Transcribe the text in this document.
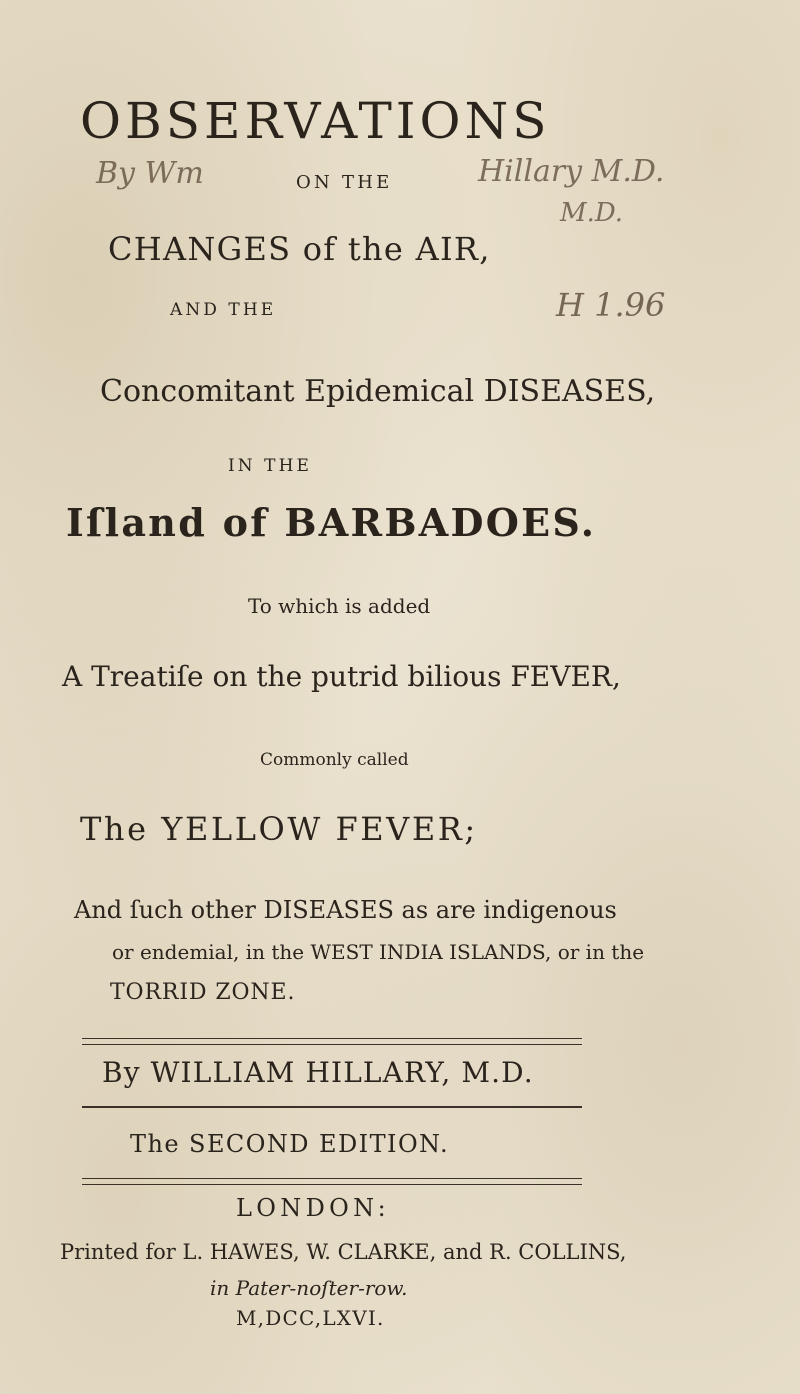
OBSERVATIONS
By Wm	Hillary M.D.
M.D.
ON THE
CHANGES of the AIR,
AND THE	H 1.96
Concomitant Epidemical DISEASES,
IN THE
Iſland of BARBADOES.
To which is added
A Treatiſe on the putrid bilious FEVER,
Commonly called
The YELLOW FEVER;
And ſuch other DISEASES as are indigenous
or endemial, in the WEST INDIA ISLANDS, or in the
TORRID ZONE.
By WILLIAM HILLARY, M.D.
The SECOND EDITION.
LONDON:
Printed for L. HAWES, W. CLARKE, and R. COLLINS,
in Pater-noſter-row.
M,DCC,LXVI.
